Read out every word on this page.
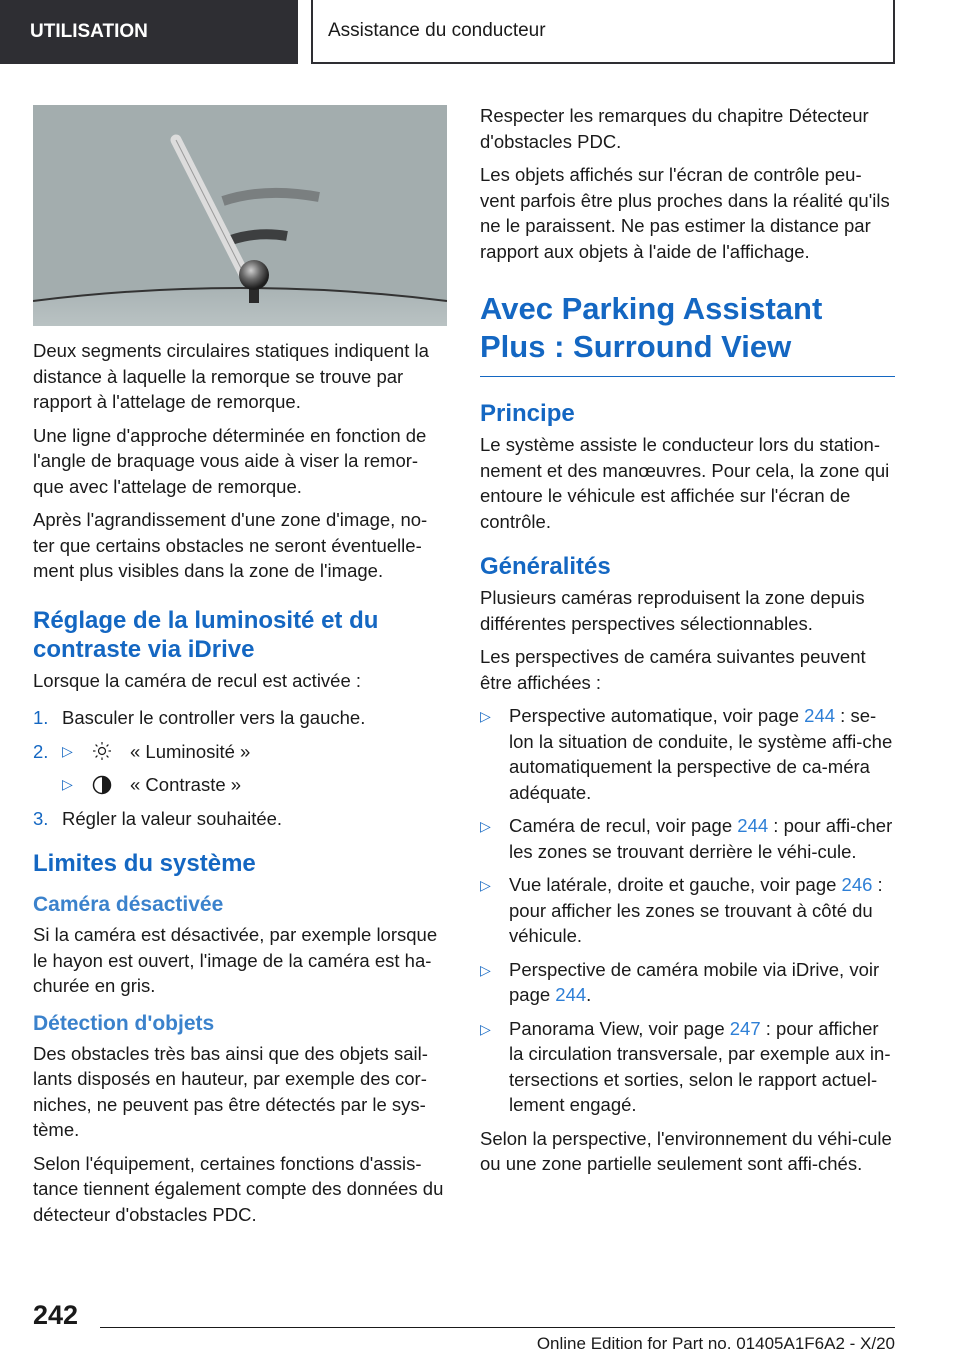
UTILISATION	Assistance du conducteur

Deux segments circulaires statiques indiquent la distance à laquelle la remorque se trouve par rapport à l'attelage de remorque.

Une ligne d'approche déterminée en fonction de l'angle de braquage vous aide à viser la remor-que avec l'attelage de remorque.

Après l'agrandissement d'une zone d'image, no-ter que certains obstacles ne seront éventuelle-ment plus visibles dans la zone de l'image.

Réglage de la luminosité et du contraste via iDrive

Lorsque la caméra de recul est activée :

1. Basculer le controller vers la gauche.
2. ▷	« Luminosité »
▷	« Contraste »
3. Régler la valeur souhaitée.
Limites du système
Caméra désactivée

Si la caméra est désactivée, par exemple lorsque le hayon est ouvert, l'image de la caméra est ha-churée en gris.

Détection d'objets

Des obstacles très bas ainsi que des objets sail-lants disposés en hauteur, par exemple des cor-niches, ne peuvent pas être détectés par le sys-tème.

Selon l'équipement, certaines fonctions d'assis-tance tiennent également compte des données du détecteur d'obstacles PDC.

Respecter les remarques du chapitre Détecteur d'obstacles PDC.

Les objets affichés sur l'écran de contrôle peu-vent parfois être plus proches dans la réalité qu'ils ne le paraissent. Ne pas estimer la distance par rapport aux objets à l'aide de l'affichage.

Avec Parking Assistant Plus : Surround View
Principe

Le système assiste le conducteur lors du station-nement et des manœuvres. Pour cela, la zone qui entoure le véhicule est affichée sur l'écran de contrôle.

Généralités

Plusieurs caméras reproduisent la zone depuis différentes perspectives sélectionnables.

Les perspectives de caméra suivantes peuvent être affichées :

▷ Perspective automatique, voir page 244 : se-lon la situation de conduite, le système affi-che automatiquement la perspective de ca-méra adéquate.
▷ Caméra de recul, voir page 244 : pour affi-cher les zones se trouvant derrière le véhi-cule.
▷ Vue latérale, droite et gauche, voir page 246 : pour afficher les zones se trouvant à côté du véhicule.
▷ Perspective de caméra mobile via iDrive, voir page 244.
▷ Panorama View, voir page 247 : pour afficher la circulation transversale, par exemple aux in-tersections et sorties, selon le rapport actuel-lement engagé.

Selon la perspective, l'environnement du véhi-cule ou une zone partielle seulement sont affi-chés.

242
Online Edition for Part no. 01405A1F6A2 - X/20
